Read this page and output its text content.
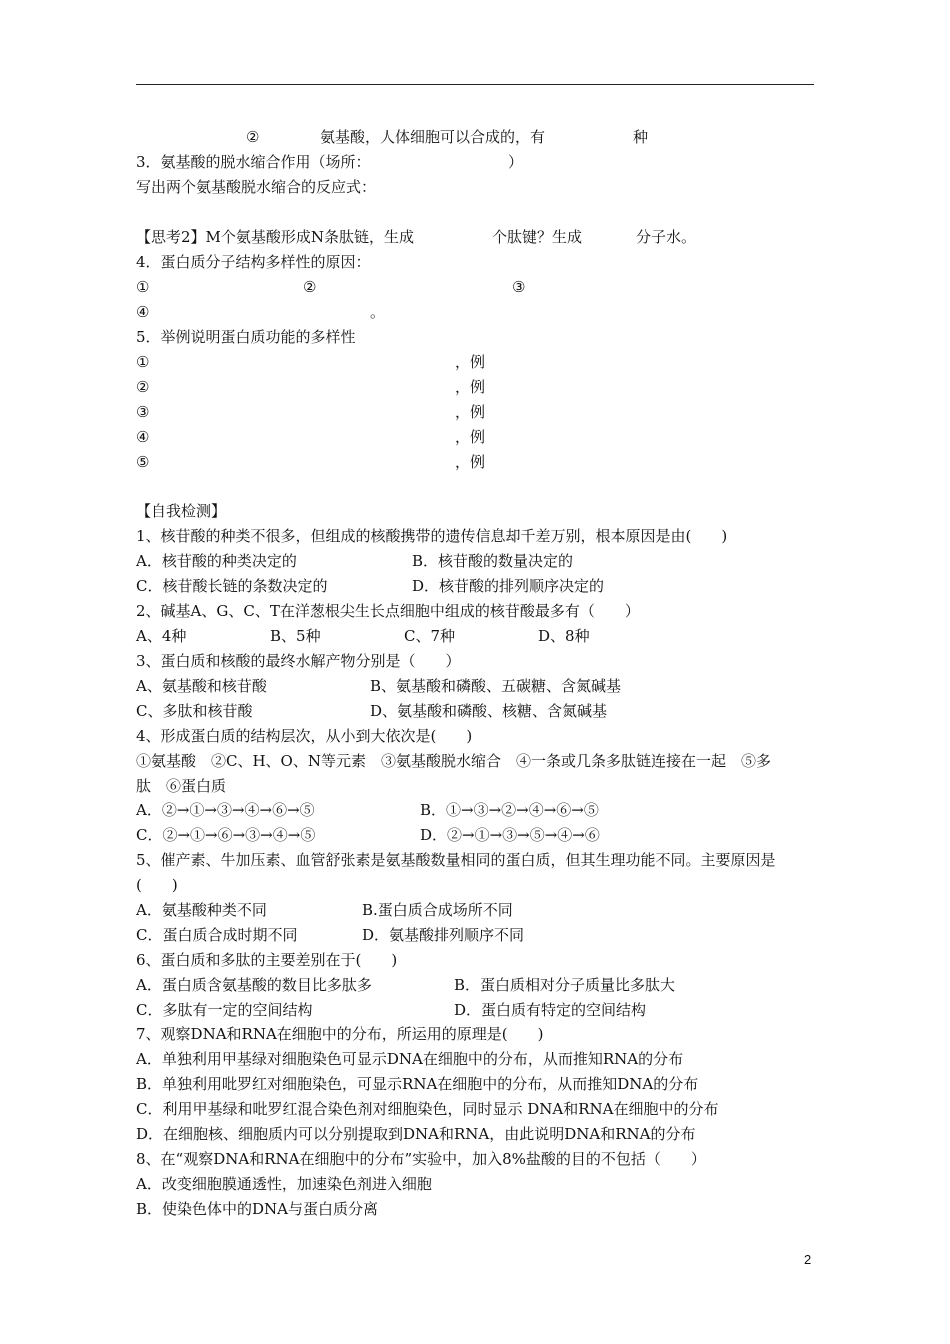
②	氨基酸，人体细胞可以合成的，有	种
3．氨基酸的脱水缩合作用（场所：	）
写出两个氨基酸脱水缩合的反应式：
【思考2】M个氨基酸形成N条肽链，生成	个肽键？生成	分子水。
4．蛋白质分子结构多样性的原因：
①	②	③
④	。
5．举例说明蛋白质功能的多样性
①	，例
②	，例
③	，例
④	，例
⑤	，例
【自我检测】
1、核苷酸的种类不很多，但组成的核酸携带的遗传信息却千差万别，根本原因是由(　　)
A．核苷酸的种类决定的	B．核苷酸的数量决定的
C．核苷酸长链的条数决定的	D．核苷酸的排列顺序决定的
2、碱基A、G、C、T在洋葱根尖生长点细胞中组成的核苷酸最多有（　　）
A、4种	B、5种	C、7种	D、8种
3、蛋白质和核酸的最终水解产物分别是（　　）
A、氨基酸和核苷酸	B、氨基酸和磷酸、五碳糖、含氮碱基
C、多肽和核苷酸	D、氨基酸和磷酸、核糖、含氮碱基
4、形成蛋白质的结构层次，从小到大依次是(　　)
①氨基酸　②C、H、O、N等元素　③氨基酸脱水缩合　④一条或几条多肽链连接在一起　⑤多
肽　⑥蛋白质
A．②→①→③→④→⑥→⑤	B．①→③→②→④→⑥→⑤
C．②→①→⑥→③→④→⑤	D．②→①→③→⑤→④→⑥
5、催产素、牛加压素、血管舒张素是氨基酸数量相同的蛋白质，但其生理功能不同。主要原因是
(　　)
A．氨基酸种类不同	B.蛋白质合成场所不同
C．蛋白质合成时期不同	D．氨基酸排列顺序不同
6、蛋白质和多肽的主要差别在于(　　)
A．蛋白质含氨基酸的数目比多肽多	B．蛋白质相对分子质量比多肽大
C．多肽有一定的空间结构	D．蛋白质有特定的空间结构
7、观察DNA和RNA在细胞中的分布，所运用的原理是(　　)
A．单独利用甲基绿对细胞染色可显示DNA在细胞中的分布，从而推知RNA的分布
B．单独利用吡罗红对细胞染色，可显示RNA在细胞中的分布，从而推知DNA的分布
C．利用甲基绿和吡罗红混合染色剂对细胞染色，同时显示 DNA和RNA在细胞中的分布
D．在细胞核、细胞质内可以分别提取到DNA和RNA，由此说明DNA和RNA的分布
8、在“观察DNA和RNA在细胞中的分布”实验中，加入8%盐酸的目的不包括（　　）
A．改变细胞膜通透性，加速染色剂进入细胞
B．使染色体中的DNA与蛋白质分离
2
